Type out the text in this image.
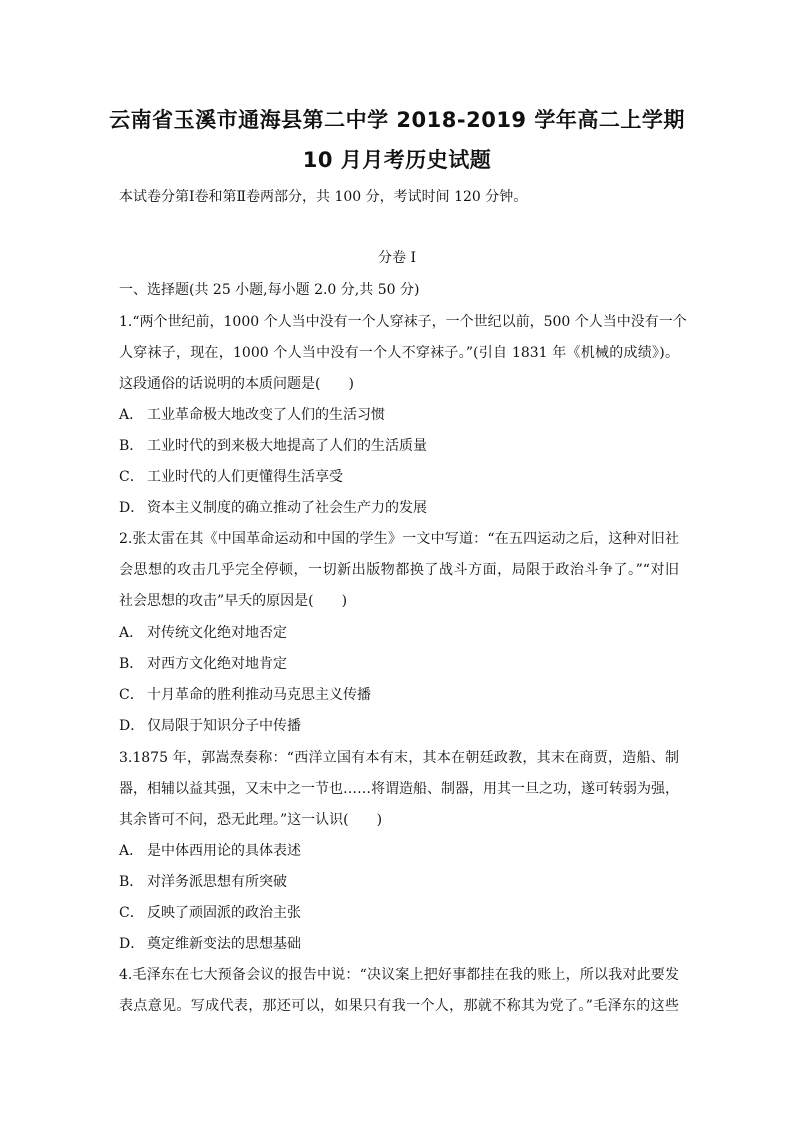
云南省玉溪市通海县第二中学 2018-2019 学年高二上学期
10 月月考历史试题
本试卷分第Ⅰ卷和第Ⅱ卷两部分，共 100 分，考试时间 120 分钟。
分卷 I
一、选择题(共 25 小题,每小题 2.0 分,共 50 分)
1.“两个世纪前，1000 个人当中没有一个人穿袜子，一个世纪以前，500 个人当中没有一个
人穿袜子，现在，1000 个人当中没有一个人不穿袜子。”(引自 1831 年《机械的成绩》)。
这段通俗的话说明的本质问题是(　　)
A． 工业革命极大地改变了人们的生活习惯
B． 工业时代的到来极大地提高了人们的生活质量
C． 工业时代的人们更懂得生活享受
D． 资本主义制度的确立推动了社会生产力的发展
2.张太雷在其《中国革命运动和中国的学生》一文中写道：“在五四运动之后，这种对旧社
会思想的攻击几乎完全停顿，一切新出版物都换了战斗方面，局限于政治斗争了。”“对旧
社会思想的攻击”早夭的原因是(　　)
A． 对传统文化绝对地否定
B． 对西方文化绝对地肯定
C． 十月革命的胜利推动马克思主义传播
D． 仅局限于知识分子中传播
3.1875 年，郭嵩焘奏称：“西洋立国有本有末，其本在朝廷政教，其末在商贾，造船、制
器，相辅以益其强，又末中之一节也……将谓造船、制器，用其一旦之功，遂可转弱为强，
其余皆可不问，恐无此理。”这一认识(　　)
A． 是中体西用论的具体表述
B． 对洋务派思想有所突破
C． 反映了顽固派的政治主张
D． 奠定维新变法的思想基础
4.毛泽东在七大预备会议的报告中说：“决议案上把好事都挂在我的账上，所以我对此要发
表点意见。写成代表，那还可以，如果只有我一个人，那就不称其为党了。”毛泽东的这些
